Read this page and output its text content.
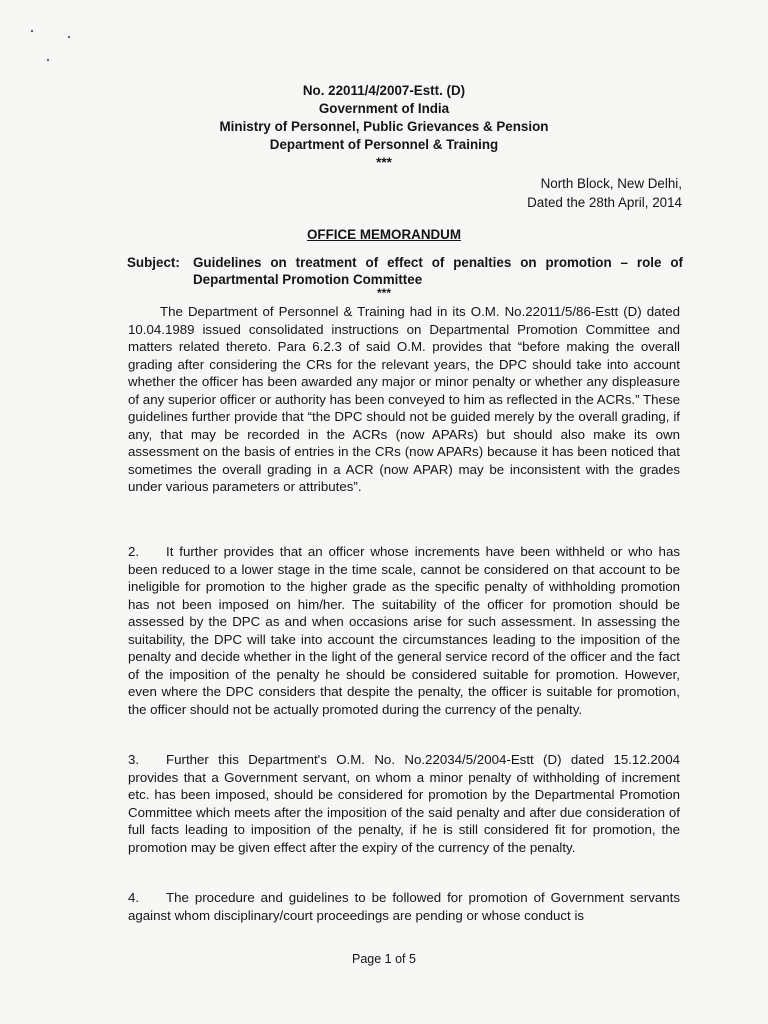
No. 22011/4/2007-Estt. (D)
Government of India
Ministry of Personnel, Public Grievances & Pension
Department of Personnel & Training
***
North Block, New Delhi,
Dated the 28th April, 2014
OFFICE MEMORANDUM
Subject: Guidelines on treatment of effect of penalties on promotion – role of Departmental Promotion Committee
***

The Department of Personnel & Training had in its O.M. No.22011/5/86-Estt (D) dated 10.04.1989 issued consolidated instructions on Departmental Promotion Committee and matters related thereto. Para 6.2.3 of said O.M. provides that “before making the overall grading after considering the CRs for the relevant years, the DPC should take into account whether the officer has been awarded any major or minor penalty or whether any displeasure of any superior officer or authority has been conveyed to him as reflected in the ACRs.” These guidelines further provide that “the DPC should not be guided merely by the overall grading, if any, that may be recorded in the ACRs (now APARs) but should also make its own assessment on the basis of entries in the CRs (now APARs) because it has been noticed that sometimes the overall grading in a ACR (now APAR) may be inconsistent with the grades under various parameters or attributes”.

2. It further provides that an officer whose increments have been withheld or who has been reduced to a lower stage in the time scale, cannot be considered on that account to be ineligible for promotion to the higher grade as the specific penalty of withholding promotion has not been imposed on him/her. The suitability of the officer for promotion should be assessed by the DPC as and when occasions arise for such assessment. In assessing the suitability, the DPC will take into account the circumstances leading to the imposition of the penalty and decide whether in the light of the general service record of the officer and the fact of the imposition of the penalty he should be considered suitable for promotion. However, even where the DPC considers that despite the penalty, the officer is suitable for promotion, the officer should not be actually promoted during the currency of the penalty.

3. Further this Department's O.M. No. No.22034/5/2004-Estt (D) dated 15.12.2004 provides that a Government servant, on whom a minor penalty of withholding of increment etc. has been imposed, should be considered for promotion by the Departmental Promotion Committee which meets after the imposition of the said penalty and after due consideration of full facts leading to imposition of the penalty, if he is still considered fit for promotion, the promotion may be given effect after the expiry of the currency of the penalty.

4. The procedure and guidelines to be followed for promotion of Government servants against whom disciplinary/court proceedings are pending or whose conduct is

Page 1 of 5
